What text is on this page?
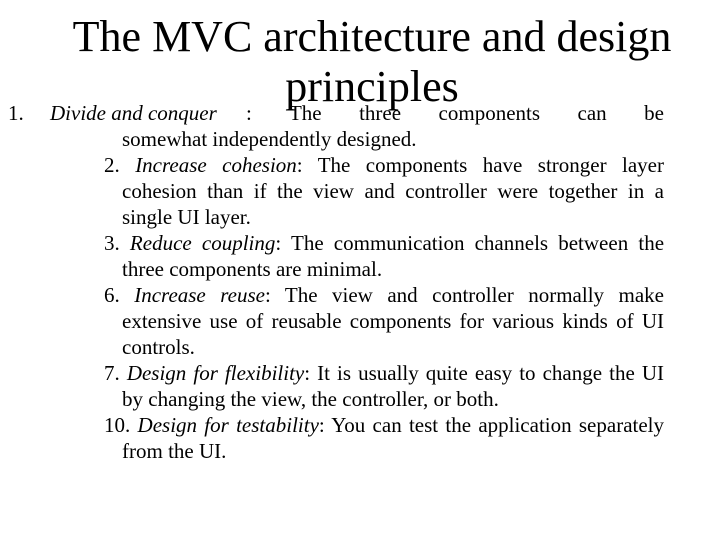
The MVC architecture and design
principles
1. Divide and conquer : The three components can be
somewhat independently designed.

2. Increase cohesion: The components have stronger layer cohesion than if the view and controller were together in a single UI layer.

3. Reduce coupling: The communication channels between the three components are minimal.

6. Increase reuse: The view and controller normally make extensive use of reusable components for various kinds of UI controls.

7. Design for flexibility: It is usually quite easy to change the UI by changing the view, the controller, or both.

10. Design for testability: You can test the application separately from the UI.
